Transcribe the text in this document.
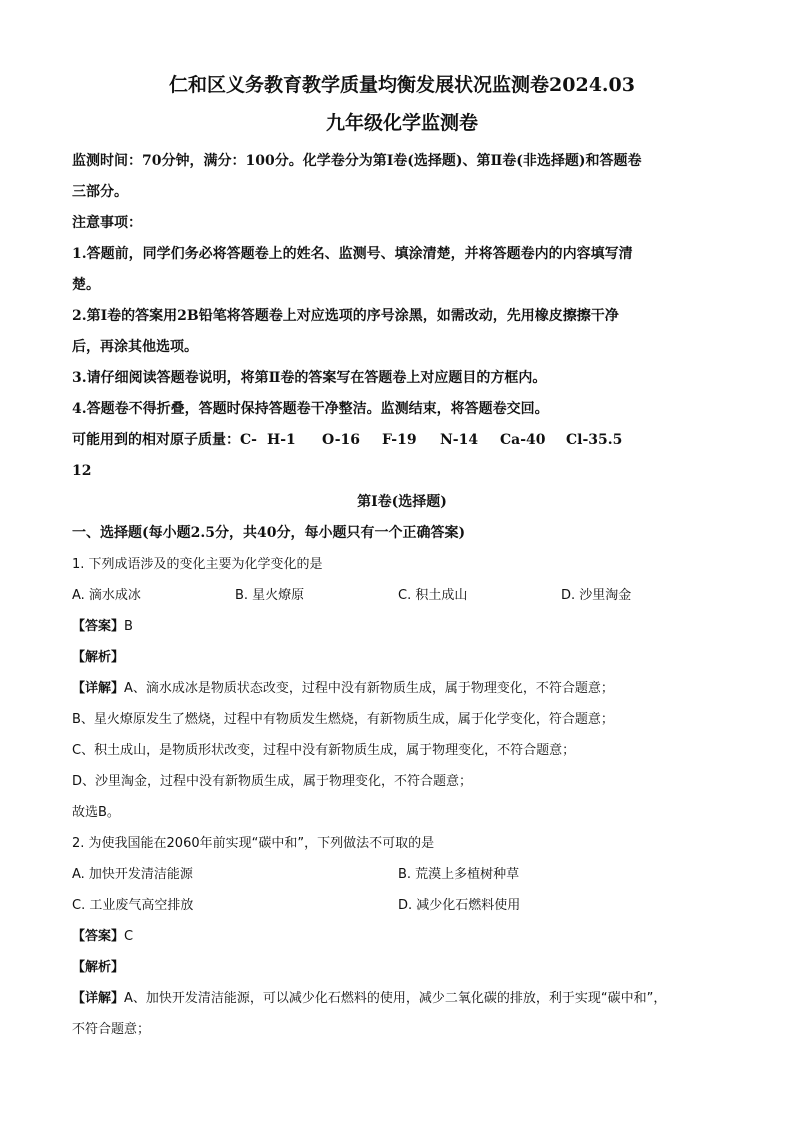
仁和区义务教育教学质量均衡发展状况监测卷2024.03
九年级化学监测卷

监测时间：70分钟，满分：100分。化学卷分为第Ⅰ卷(选择题)、第Ⅱ卷(非选择题)和答题卷

三部分。

注意事项：

1.答题前，同学们务必将答题卷上的姓名、监测号、填涂清楚，并将答题卷内的内容填写清

楚。

2.第Ⅰ卷的答案用2B铅笔将答题卷上对应选项的序号涂黑，如需改动，先用橡皮擦擦干净

后，再涂其他选项。

3.请仔细阅读答题卷说明，将第Ⅱ卷的答案写在答题卷上对应题目的方框内。

4.答题卷不得折叠，答题时保持答题卷干净整洁。监测结束，将答题卷交回。

可能用到的相对原子质量：C-12
H-1	O-16	F-19	N-14	Ca-40	Cl-35.5
第Ⅰ卷(选择题)

一、选择题(每小题2.5分，共40分，每小题只有一个正确答案)

1. 下列成语涉及的变化主要为化学变化的是

A. 滴水成冰	B. 星火燎原	C. 积土成山	D. 沙里淘金

【答案】B

【解析】

【详解】A、滴水成冰是物质状态改变，过程中没有新物质生成，属于物理变化，不符合题意；

B、星火燎原发生了燃烧，过程中有物质发生燃烧，有新物质生成，属于化学变化，符合题意；

C、积土成山，是物质形状改变，过程中没有新物质生成，属于物理变化，不符合题意；

D、沙里淘金，过程中没有新物质生成，属于物理变化，不符合题意；

故选B。

2. 为使我国能在2060年前实现“碳中和”，下列做法不可取的是

A. 加快开发清洁能源	B. 荒漠上多植树种草
C. 工业废气高空排放	D. 减少化石燃料使用

【答案】C

【解析】

【详解】A、加快开发清洁能源，可以减少化石燃料的使用，减少二氧化碳的排放，利于实现“碳中和”，

不符合题意；
